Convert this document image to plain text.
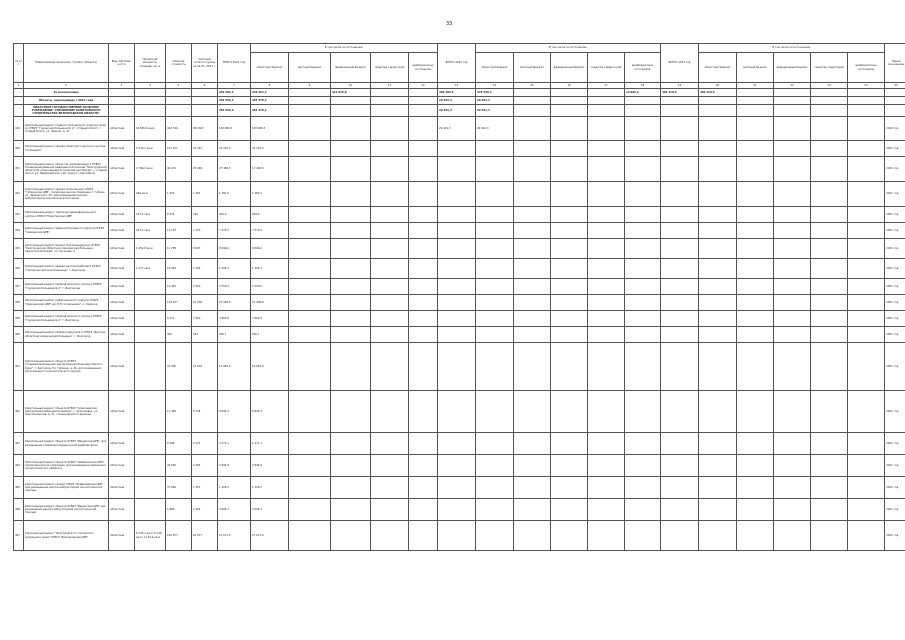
33
№ п/п	Наименование заказчика, стройки (объекта)	Вид собствен-ности	Проектная мощность, площадь, кв. м	Сметная стоимость	Сметный остаток (сумма на 01.01. 2021 г.	ВСЕГО 2021 год	В том числе по источникам:					ВСЕГО 2022 год	В том числе по источникам:					ВСЕГО 2023 год	В том числе по источникам:					Перед окончанием
							областной бюджет	местный бюджет	федеральный бюджет	средства территорий	внебюджетных источников		областной бюджет	местный бюджет	федеральный бюджет	средства террито-рий	внебюджетных источников		областной бюджет	местный бюджет	федеральный бюджет	средства территорий	внебюджетных источников	
1	2	3	4	5	6	7	8	9	10	11	12	13	14	15	16	17	18	19	20	21	22	23	24	25
	За исключением					240 284,2	236 262,2		414 810,0			494 409,5	478 440,4				12 969,2	362 419,5	362 419,5					
	Объекты, переходящие с 2021 года					464 556,2	464 378,2					29 491,3	29 491,3											
	ОБЛАСТНОЕ ГОСУДАРСТВЕННОЕ КАЗЕННОЕ УЧРЕЖДЕНИЕ "УПРАВЛЕНИЕ КАПИТАЛЬНОГО СТРОИТЕЛЬСТВА БЕЛГОРОДСКОЙ ОБЛАСТИ"					464 556,2	464 378,2					29 491,3	29 491,3											
449	Капитальный ремонт главного больничного корпуса (корп. А) ОГБУЗ "Городская больница № 2 г. Старый Оскол", г. Старый Оскол, ул. Ленина, д. 47	областная	10 865,8 кв.м	442 796	302 663	183 986,3	183 986,3					29 491,3	29 491,3											2022 год
450	Капитальный ремонт здания областного детского центра "Солнышко"	областная	5 330,1 кв.м	107 671	34 407	34 379,3	34 379,3																	2021 год
451	Капитальный ремонт объектов, размещенных в ОГБУЗ специализированной медицинской помощи "Белгородский областной кожно-венерологический диспансер", г. Старый Оскол, ул. Первомайская, 100, корпус с бассейном	областная	2 796,3 кв.м	40 471	25 499	27 489,3	13 400,5																	2021 год
452	Капитальный ремонт здания поликлиники ОГБУЗ "Губкинская ЦРБ", поликлиническое отделение г. Губкин, ул. Чайковского, 25, для размещения центра амбулаторной онкологической помощи	областная	469 кв.м	1 453	1 481	1 481,0	1 481,0																	2021 год
453	Капитальный ремонт, прачечно-дезинфекционного корпуса ОГБУЗ "Ракитянская ЦРБ"	областная	233,5 кв.м	8 314	394	394,0	394,0																	2021 год
454	Капитальный ремонт административного корпуса ОГБУЗ "Чернянская ЦРБ"	областная	434,2 кв.м	14 770	7 373	7 373,0	7 373,0																	2021 год
455	Капитальный ремонт здания под процедурную ОГБУЗ "Белгородская областная клиническая больница Святителя Иоасафа" ул. Пугачева, 5	областная	1 452,8 кв.м	11 785	8 097	8 096,6	8 096,6																	2021 год
456	Капитальный ремонт здания рентгенокабинета ОГБУЗ "Городская детская больница", г. Белгород	областная	1 277 кв.м	10 903	1 405	1 404,5	1 404,5																	2021 год
457	Капитальный ремонт терапевтического корпуса ОГБУЗ "Городская больница № 2" г. Белгорода	областная		10 425	2 550	2 550,0	2 550,0																	2021 год
458	Капитальный ремонт инфекционного корпуса ОГБУЗ "Краснянская ЦРБ" им. В.Н. Сопельняка", п. Красное	областная		149 437	27 308	27 308,8	27 308,8																	2021 год
459	Капитальный ремонт терапевтического корпуса ОГБУЗ "Городская больница № 1" г. Белгород	областная		9 713	7 863	7 862,8	7 862,8																	2021 год
460	Капитальный ремонт кровли корпуса № 2 ОГБУЗ "Детская областная клиническая больница", г. Белгород	областная		362	347	346,7	346,7																	2021 год
461	Капитальный ремонт объекта ОГБУЗ "Специализированная хирургическая больница Святого Луки", г. Белгород, Ул. Губкина, д. 46, для размещения регионального онкологического центра	областная		47 936	12 639	12 962,9	12 962,9																	2021 год
462	Капитальный ремонт объекта ОГБУЗ "Алексеевская центральная районная больница", г. Алексеевка, ул. Комсомольская, д. 71, стационарное отделение	областная		11 495	8 145	8 845,4	8 845,4																	2021 год
463	Капитальный ремонт объекта ОГБУЗ "Валуйская ЦРБ", для размещения отделения медицинской реабилитации	областная		8 568	2 271	2 271,1	2 271,1																	2021 год
464	Капитальный ремонт объекта ОГБУЗ "Шебекинская ЦРБ", поликлиническое отделение, для размещения первичного онкологического кабинета	областная		43 605	2 482	2 844,8	2 844,8																	2021 год
465	Капитальный ремонт кровли ОГБУЗ "Вейделевская ЦРБ" для размещения центра амбулаторной онкологической помощи	областная		37 806	1 327	1 326,5	1 326,5																	2021 год
466	Капитальный ремонт объекта ОГБУЗ "Ивнянская ЦРБ" для размещения центра амбулаторной онкологической помощи	областная		5 866	2 462	3 004,3	3 004,3																	2021 год
467	Капитальный ремонт "Белгородского городского родильного дома" ОГБУЗ "Белгородская ЦРБ"	областная	8 745,3 кв.м; 8 728 кв.м; 1 124,4 кв.м	120 977	61 077	27 071,0	27 071,0																	2021 год
